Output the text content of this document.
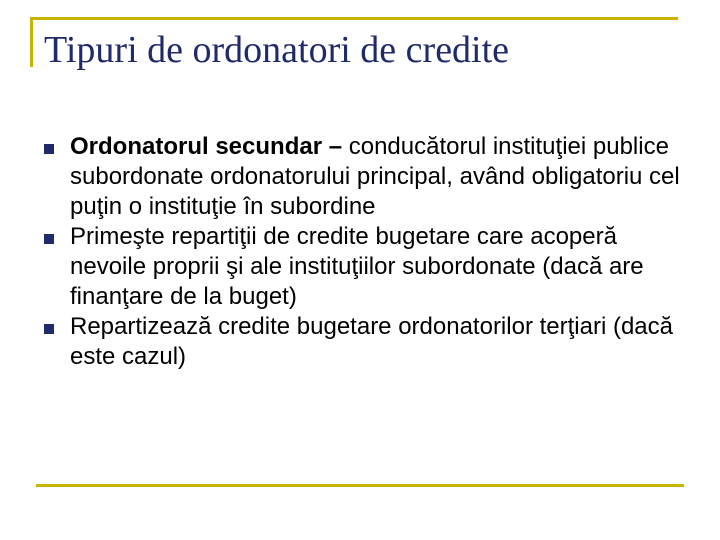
Tipuri de ordonatori de credite
Ordonatorul secundar – conducătorul instituţiei publice subordonate ordonatorului principal, având obligatoriu cel puţin o instituţie în subordine
Primeşte repartiţii de credite bugetare care acoperă nevoile proprii şi ale instituţiilor subordonate (dacă are finanţare de la buget)
Repartizează credite bugetare ordonatorilor terţiari (dacă este cazul)
